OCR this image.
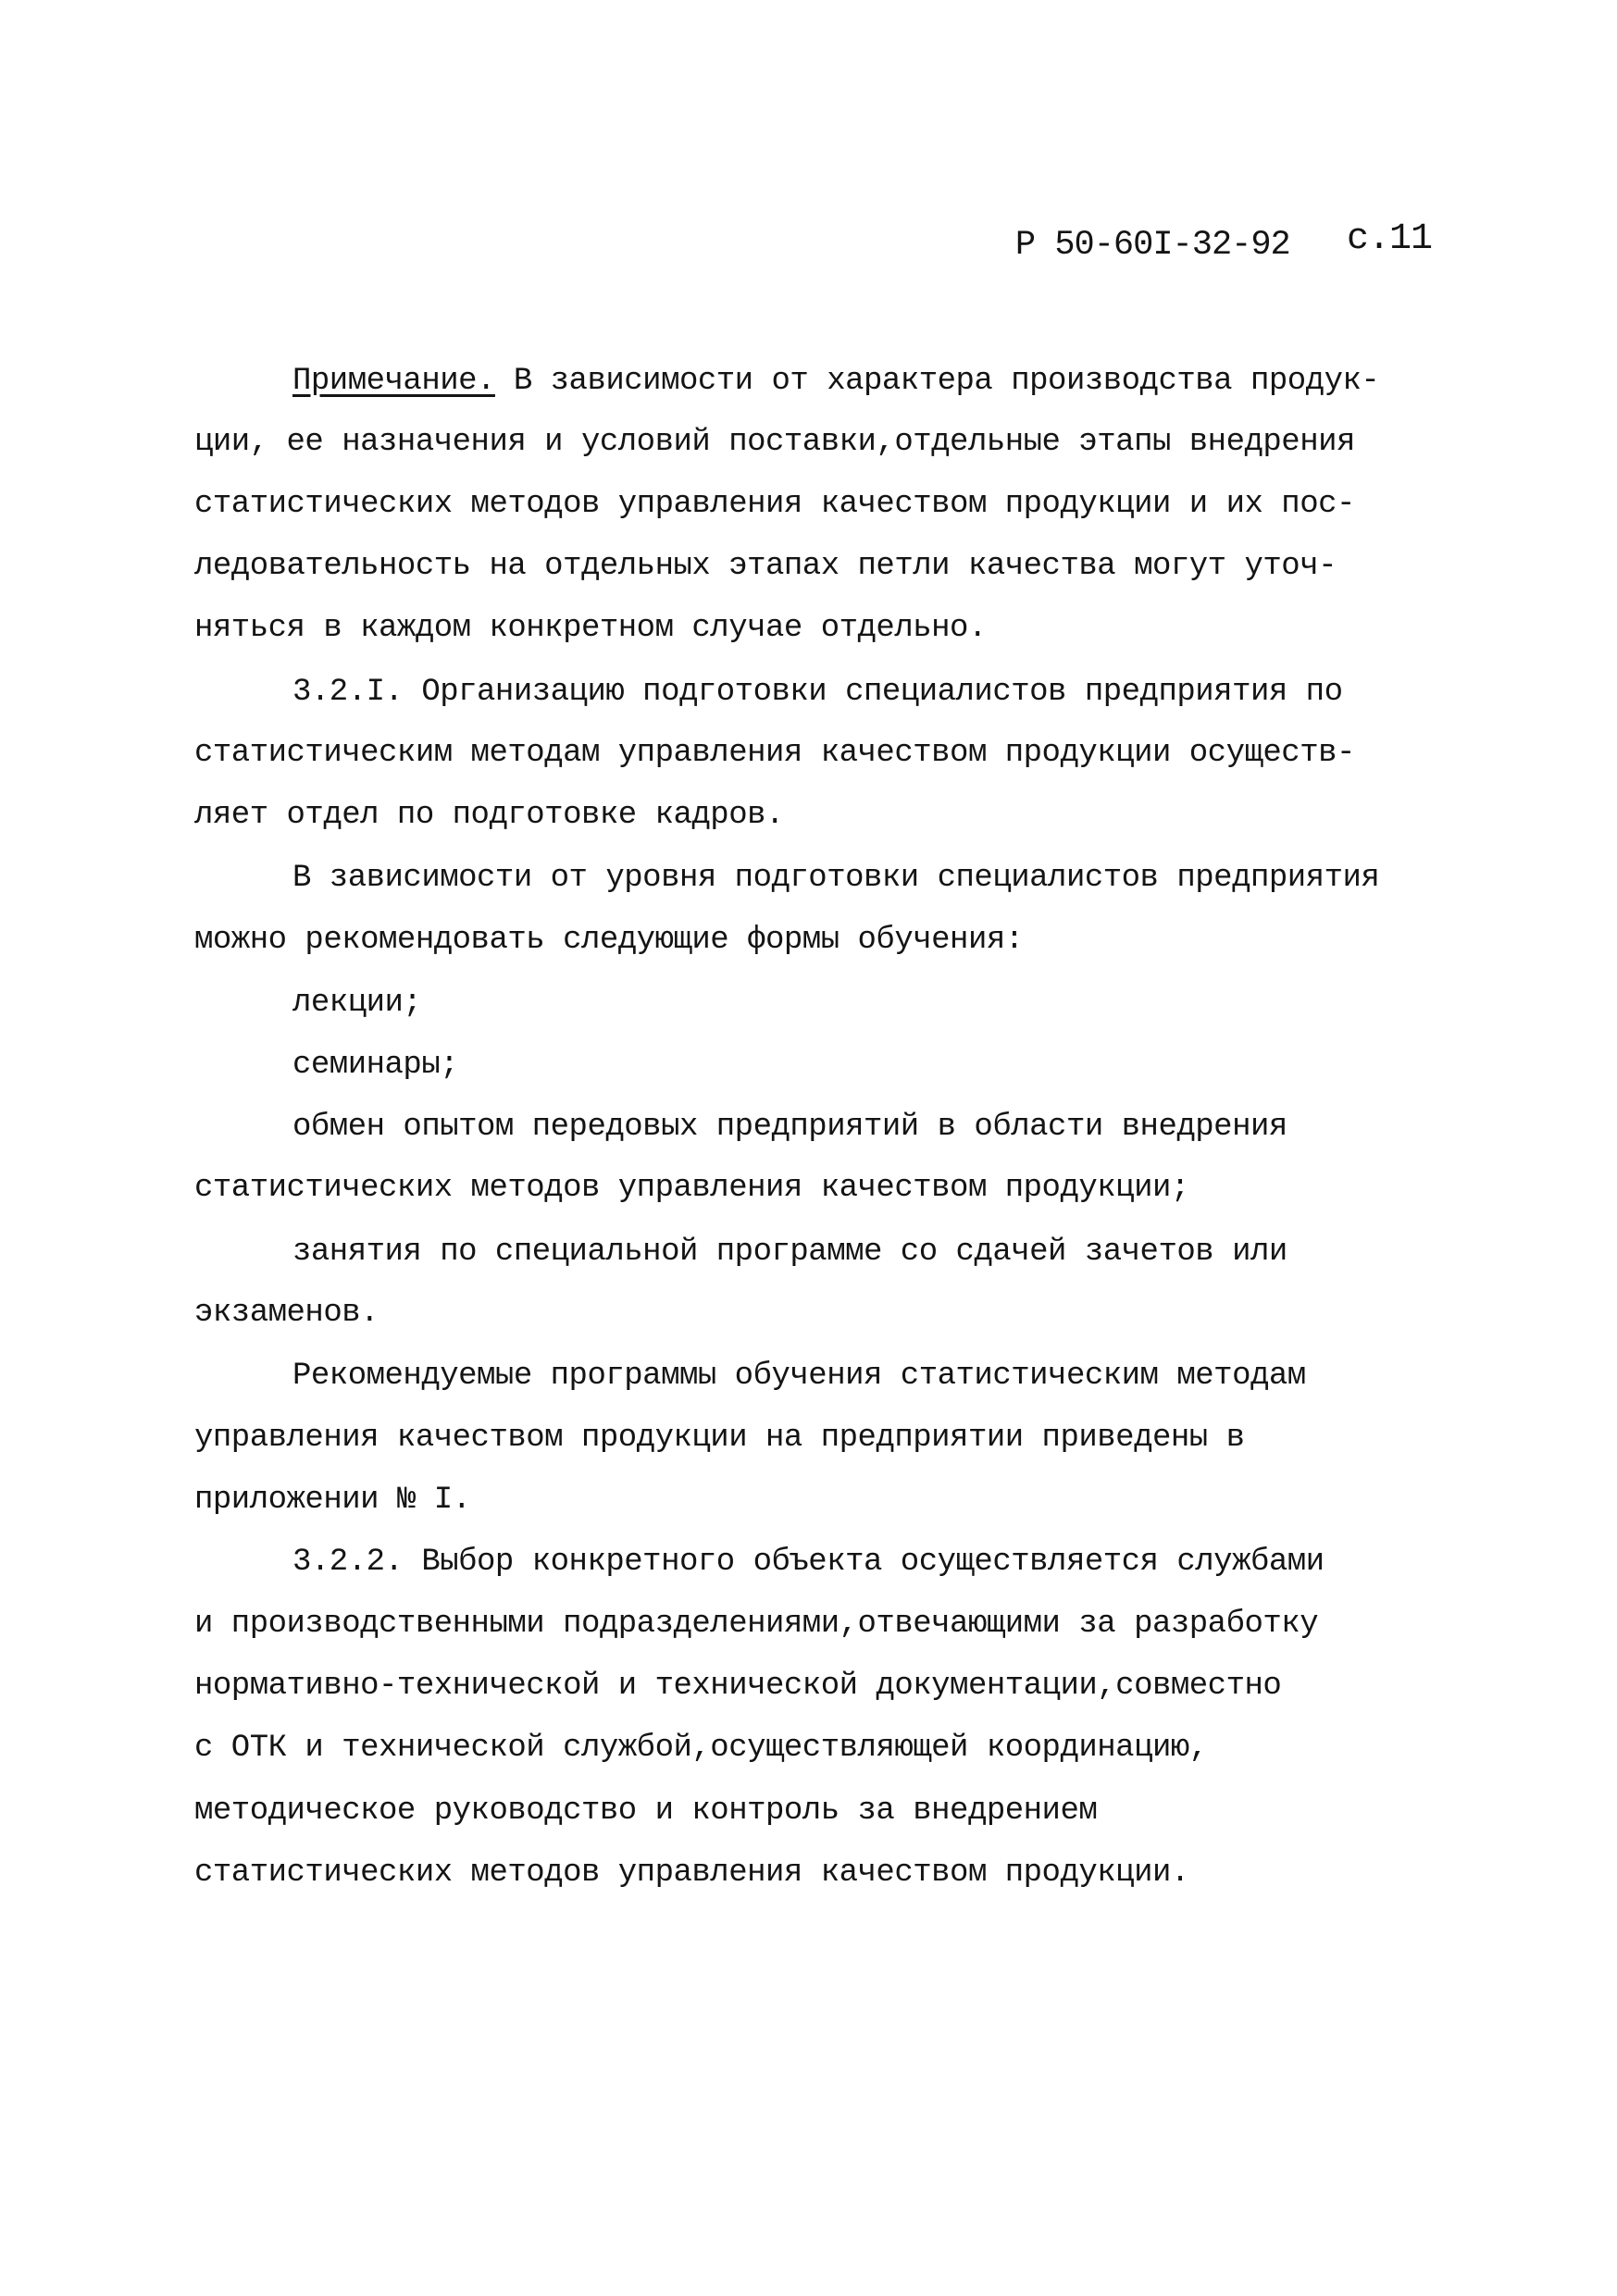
Р 50-60I-32-92 с.11
Примечание. В зависимости от характера производства продук-
ции, ее назначения и условий поставки,отдельные этапы внедрения
статистических методов управления качеством продукции и их пос-
ледовательность на отдельных этапах петли качества могут уточ-
няться в каждом конкретном случае отдельно.
3.2.I. Организацию подготовки специалистов предприятия по
статистическим методам управления качеством продукции осуществ-
ляет отдел по подготовке кадров.
В зависимости от уровня подготовки специалистов предприятия
можно рекомендовать следующие формы обучения:
лекции;
семинары;
обмен опытом передовых предприятий в области внедрения
статистических методов управления качеством продукции;
занятия по специальной программе со сдачей зачетов или
экзаменов.
Рекомендуемые программы обучения статистическим методам
управления качеством продукции на предприятии приведены в
приложении № I.
3.2.2. Выбор конкретного объекта осуществляется службами
и производственными подразделениями,отвечающими за разработку
нормативно-технической и технической документации,совместно
с ОТК и технической службой,осуществляющей координацию,
методическое руководство и контроль за внедрением
статистических методов управления качеством продукции.
